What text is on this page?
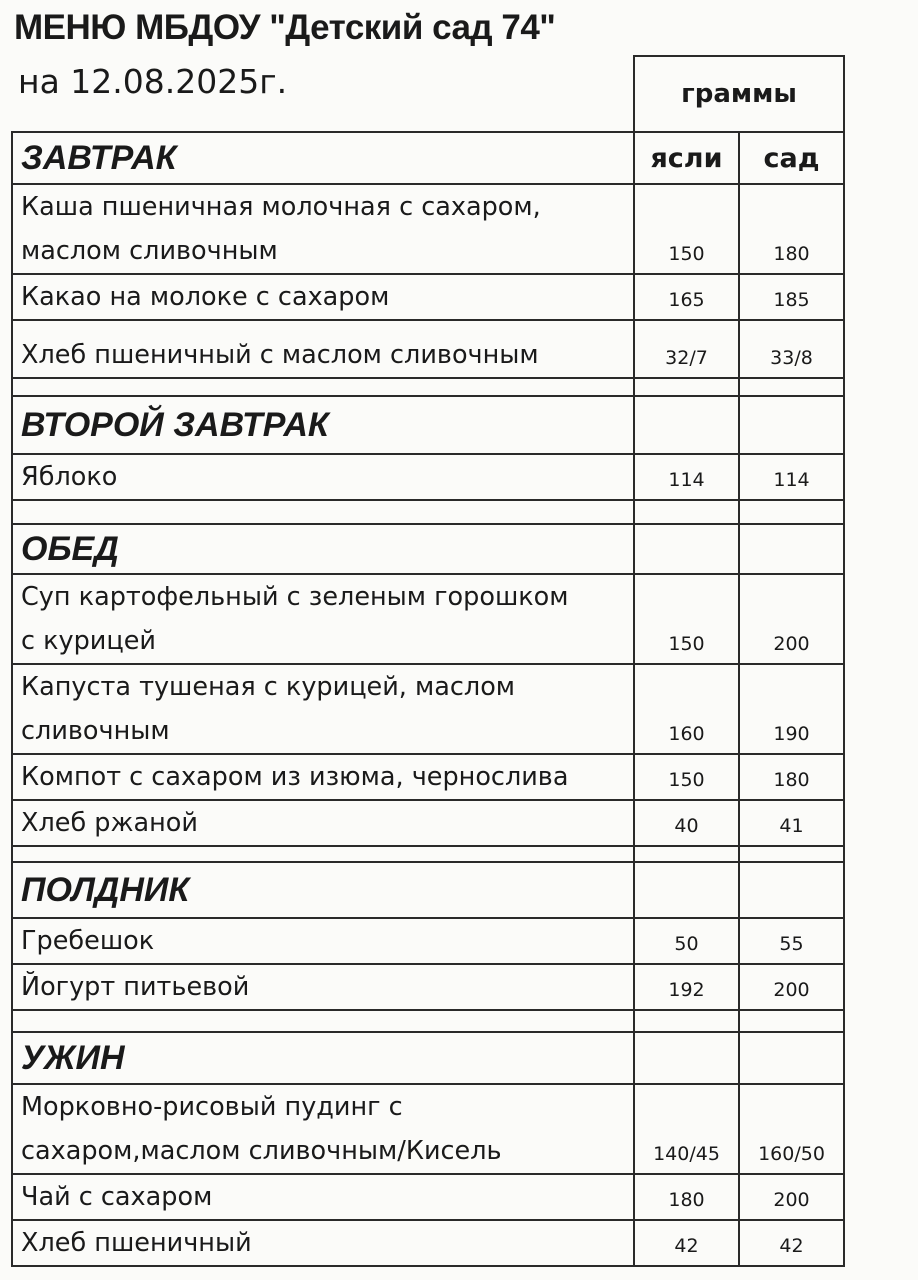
МЕНЮ МБДОУ "Детский сад 74"
на 12.08.2025г.
		граммы	
ЗАВТРАК	ясли	сад

Каша пшеничная молочная с сахаром,
маслом сливочным	150	180
Какао на молоке с сахаром	165	185
Хлеб пшеничный с маслом сливочным	32/7	33/8

ВТОРОЙ ЗАВТРАК		
Яблоко	114	114

ОБЕД		

Суп картофельный с зеленым горошком
с курицей	150	200

Капуста тушеная с курицей, маслом
сливочным	160	190
Компот с сахаром из изюма, чернослива	150	180
Хлеб ржаной	40	41

ПОЛДНИК		
Гребешок	50	55
Йогурт питьевой	192	200

УЖИН		

Морковно-рисовый пудинг с
сахаром,маслом сливочным/Кисель	140/45	160/50
Чай с сахаром	180	200
Хлеб пшеничный	42	42
